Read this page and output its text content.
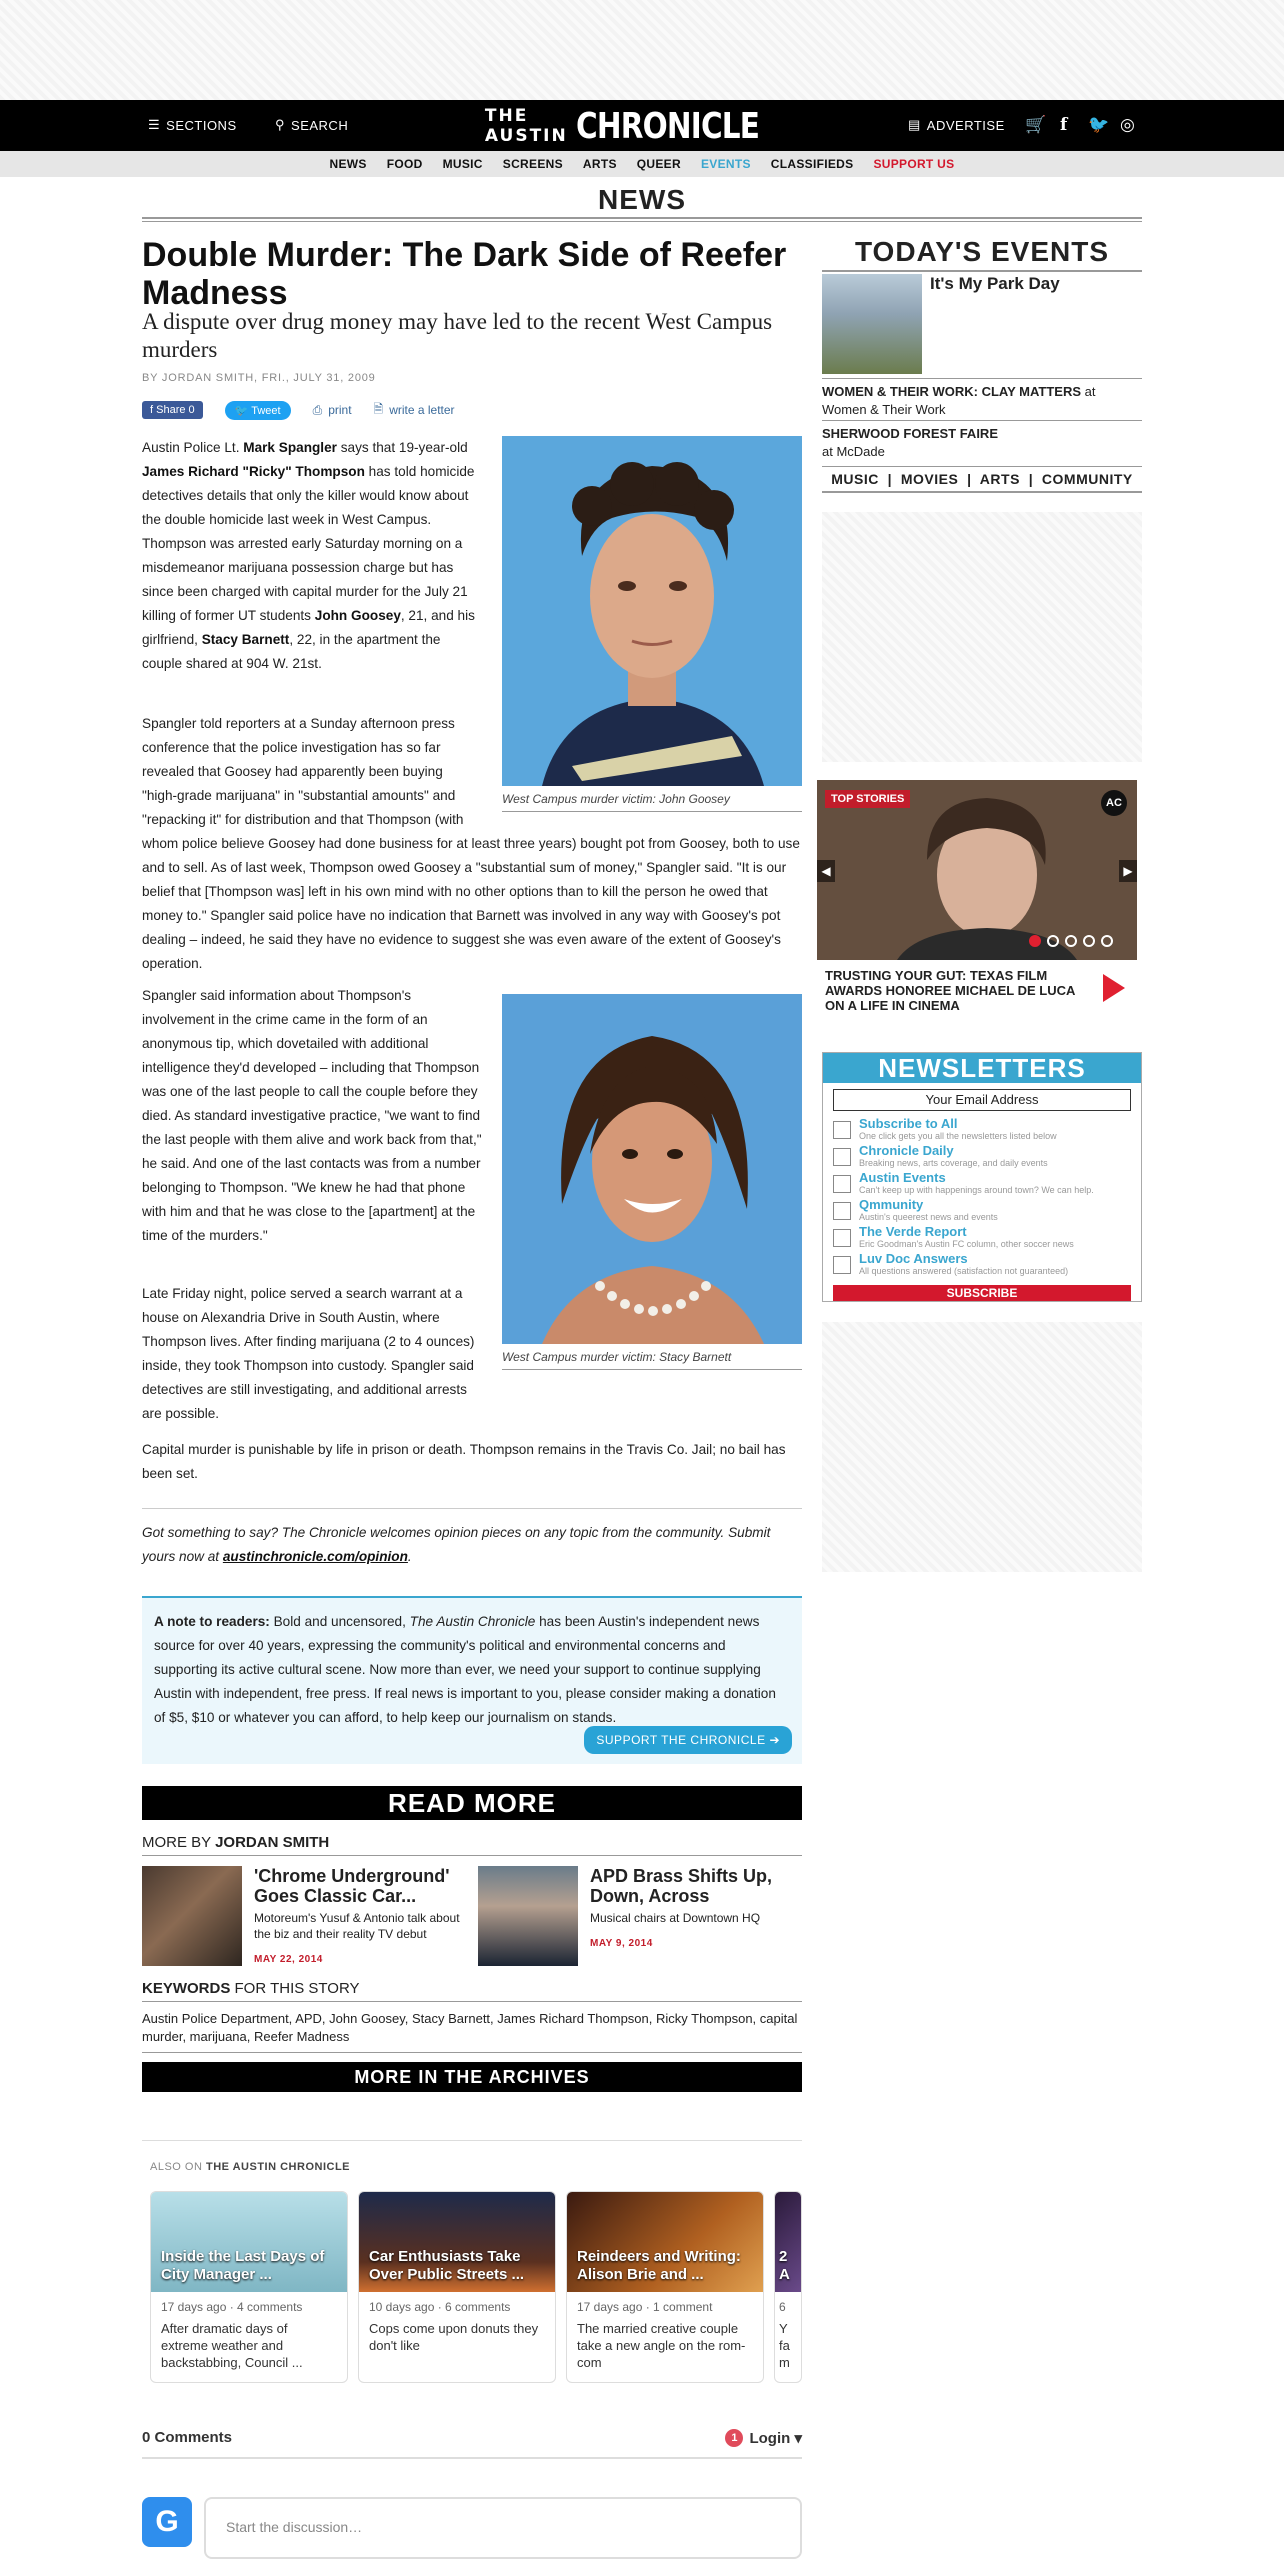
☰ SECTIONS	⚲ SEARCH	THE AUSTIN CHRONICLE	▤ ADVERTISE 🛒 f 🐦 ◎
NEWS FOOD MUSIC SCREENS ARTS QUEER EVENTS CLASSIFIEDS SUPPORT US
NEWS
Double Murder: The Dark Side of Reefer Madness
A dispute over drug money may have led to the recent West Campus murders
BY JORDAN SMITH, FRI., JULY 31, 2009
f Share 0	🐦 Tweet	⎙ print 🗎 write a letter

Austin Police Lt. Mark Spangler says that 19-year-old James Richard "Ricky" Thompson has told homicide detectives details that only the killer would know about the double homicide last week in West Campus. Thompson was arrested early Saturday morning on a misdemeanor marijuana possession charge but has since been charged with capital murder for the July 21 killing of former UT students John Goosey, 21, and his girlfriend, Stacy Barnett, 22, in the apartment the couple shared at 904 W. 21st.

West Campus murder victim: John Goosey

Spangler told reporters at a Sunday afternoon press conference that the police investigation has so far revealed that Goosey had apparently been buying "high-grade marijuana" in "substantial amounts" and "repacking it" for distribution and that Thompson (with whom police believe Goosey had done business for at least three years) bought pot from Goosey, both to use and to sell. As of last week, Thompson owed Goosey a "substantial sum of money," Spangler said. "It is our belief that [Thompson was] left in his own mind with no other options than to kill the person he owed that money to." Spangler said police have no indication that Barnett was involved in any way with Goosey's pot dealing – indeed, he said they have no evidence to suggest she was even aware of the extent of Goosey's operation.

Spangler said information about Thompson's involvement in the crime came in the form of an anonymous tip, which dovetailed with additional intelligence they'd developed – including that Thompson was one of the last people to call the couple before they died. As standard investigative practice, "we want to find the last people with them alive and work back from that," he said. And one of the last contacts was from a number belonging to Thompson. "We knew he had that phone with him and that he was close to the [apartment] at the time of the murders."

West Campus murder victim: Stacy Barnett

Late Friday night, police served a search warrant at a house on Alexandria Drive in South Austin, where Thompson lives. After finding marijuana (2 to 4 ounces) inside, they took Thompson into custody. Spangler said detectives are still investigating, and additional arrests are possible.

Capital murder is punishable by life in prison or death. Thompson remains in the Travis Co. Jail; no bail has been set.

Got something to say? The Chronicle welcomes opinion pieces on any topic from the community. Submit yours now at austinchronicle.com/opinion.
A note to readers: Bold and uncensored, The Austin Chronicle has been Austin's independent news source for over 40 years, expressing the community's political and environmental concerns and supporting its active cultural scene. Now more than ever, we need your support to continue supplying Austin with independent, free press. If real news is important to you, please consider making a donation of $5, $10 or whatever you can afford, to help keep our journalism on stands.
SUPPORT THE CHRONICLE ➔
READ MORE
MORE BY JORDAN SMITH
'Chrome Underground' Goes Classic Car...
Motoreum's Yusuf & Antonio talk about the biz and their reality TV debut
MAY 22, 2014
APD Brass Shifts Up, Down, Across
Musical chairs at Downtown HQ
MAY 9, 2014
KEYWORDS FOR THIS STORY
Austin Police Department, APD, John Goosey, Stacy Barnett, James Richard Thompson, Ricky Thompson, capital murder, marijuana, Reefer Madness
MORE IN THE ARCHIVES
ALSO ON THE AUSTIN CHRONICLE
Inside the Last Days of City Manager ...
17 days ago · 4 comments
After dramatic days of extreme weather and backstabbing, Council ...
Car Enthusiasts Take Over Public Streets ...
10 days ago · 6 comments
Cops come upon donuts they don't like
Reindeers and Writing: Alison Brie and ...
17 days ago · 1 comment
The married creative couple take a new angle on the rom-com
2 A
6
Y fa m
0 Comments	1 Login ▾
G	Start the discussion…
TODAY'S EVENTS
It's My Park Day
WOMEN & THEIR WORK: CLAY MATTERS at Women & Their Work
SHERWOOD FOREST FAIRE
at McDade
MUSIC  |  MOVIES  |  ARTS  |  COMMUNITY
TOP STORIES	AC
◀	▶
TRUSTING YOUR GUT: TEXAS FILM AWARDS HONOREE MICHAEL DE LUCA ON A LIFE IN CINEMA
NEWSLETTERS
Your Email Address
Subscribe to All
One click gets you all the newsletters listed below
Chronicle Daily
Breaking news, arts coverage, and daily events
Austin Events
Can't keep up with happenings around town? We can help.
Qmmunity
Austin's queerest news and events
The Verde Report
Eric Goodman's Austin FC column, other soccer news
Luv Doc Answers
All questions answered (satisfaction not guaranteed)
SUBSCRIBE
